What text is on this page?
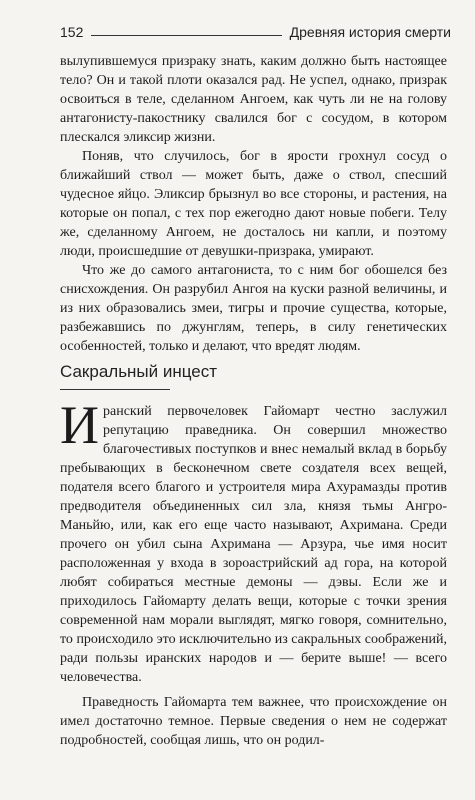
152	Древняя история смерти

вылупившемуся призраку знать, каким должно быть настоящее тело? Он и такой плоти оказался рад. Не успел, однако, призрак освоиться в теле, сделанном Ангоем, как чуть ли не на голову антагонисту-пакостнику свалился бог с сосудом, в котором плескался эликсир жизни.

Поняв, что случилось, бог в ярости грохнул сосуд о ближайший ствол — может быть, даже о ствол, спесший чудесное яйцо. Эликсир брызнул во все стороны, и растения, на которые он попал, с тех пор ежегодно дают новые побеги. Телу же, сделанному Ангоем, не досталось ни капли, и поэтому люди, происшедшие от девушки-призрака, умирают.

Что же до самого антагониста, то с ним бог обошелся без снисхождения. Он разрубил Ангоя на куски разной величины, и из них образовались змеи, тигры и прочие существа, которые, разбежавшись по джунглям, теперь, в силу генетических особенностей, только и делают, что вредят людям.

Сакральный инцест

Иранский первочеловек Гайомарт честно заслужил репутацию праведника. Он совершил множество благочестивых поступков и внес немалый вклад в борьбу пребывающих в бесконечном свете создателя всех вещей, подателя всего благого и устроителя мира Ахурамазды против предводителя объединенных сил зла, князя тьмы Ангро-Маньйю, или, как его еще часто называют, Ахримана. Среди прочего он убил сына Ахримана — Арзура, чье имя носит расположенная у входа в зороастрийский ад гора, на которой любят собираться местные демоны — дэвы. Если же и приходилось Гайомарту делать вещи, которые с точки зрения современной нам морали выглядят, мягко говоря, сомнительно, то происходило это исключительно из сакральных соображений, ради пользы иранских народов и — берите выше! — всего человечества.

Праведность Гайомарта тем важнее, что происхождение он имел достаточно темное. Первые сведения о нем не содержат подробностей, сообщая лишь, что он родил-
